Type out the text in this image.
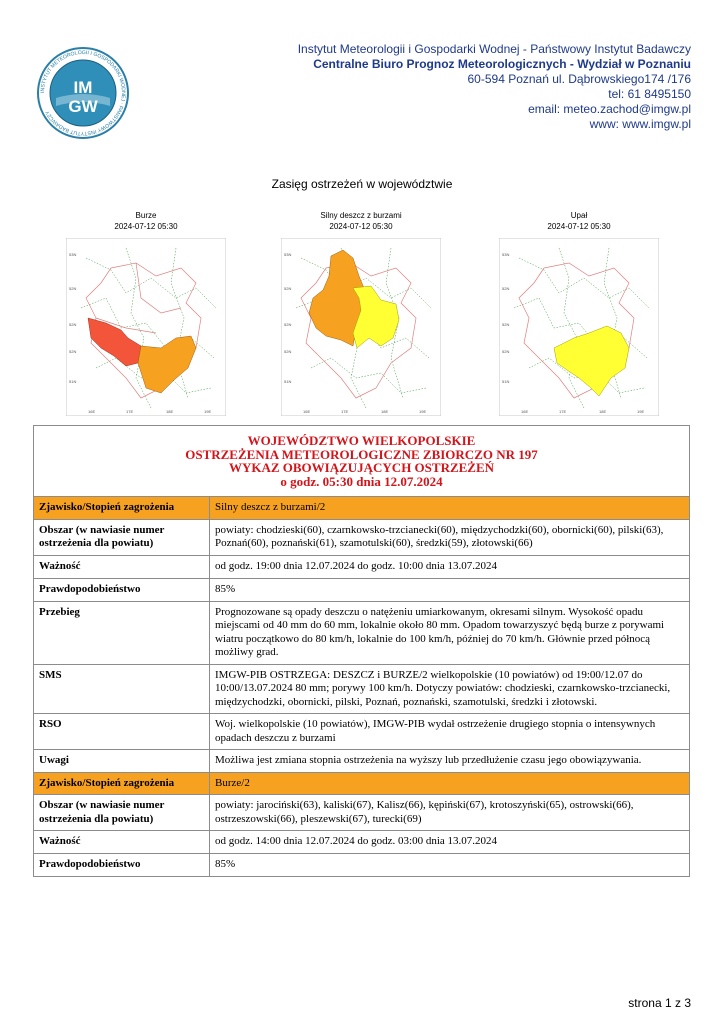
IM
GW
INSTYTUT METEOROLOGII I GOSPODARKI WODNEJ · PAŃSTWOWY INSTYTUT BADAWCZY
Instytut Meteorologii i Gospodarki Wodnej - Państwowy Instytut Badawczy
Centralne Biuro Prognoz Meteorologicznych - Wydział w Poznaniu
60-594 Poznań ul. Dąbrowskiego174 /176
tel: 61 8495150
email: meteo.zachod@imgw.pl
www: www.imgw.pl
Zasięg ostrzeżeń w województwie
Burze
2024-07-12 05:30
53N
52N
52N
52N
51N
16E	17E	18E	19E
Silny deszcz z burzami
2024-07-12 05:30
53N
52N
52N
52N
51N
16E	17E	18E	19E
Upał
2024-07-12 05:30
53N
52N
52N
52N
51N
16E	17E	18E	19E
WOJEWÓDZTWO WIELKOPOLSKIE
OSTRZEŻENIA METEOROLOGICZNE ZBIORCZO NR 197
WYKAZ OBOWIĄZUJĄCYCH OSTRZEŻEŃ
o godz. 05:30 dnia 12.07.2024	

Zjawisko/Stopień zagrożenia	Silny deszcz z burzami/2
Obszar (w nawiasie numer ostrzeżenia dla powiatu)	powiaty: chodzieski(60), czarnkowsko-trzcianecki(60), międzychodzki(60), obornicki(60), pilski(63), Poznań(60), poznański(61), szamotulski(60), średzki(59), złotowski(66)
Ważność	od godz. 19:00 dnia 12.07.2024 do godz. 10:00 dnia 13.07.2024
Prawdopodobieństwo	85%
Przebieg	Prognozowane są opady deszczu o natężeniu umiarkowanym, okresami silnym. Wysokość opadu miejscami od 40 mm do 60 mm, lokalnie około 80 mm. Opadom towarzyszyć będą burze z porywami wiatru początkowo do 80 km/h, lokalnie do 100 km/h, później do 70 km/h. Głównie przed północą możliwy grad.
SMS	IMGW-PIB OSTRZEGA: DESZCZ i BURZE/2 wielkopolskie (10 powiatów) od 19:00/12.07 do 10:00/13.07.2024 80 mm; porywy 100 km/h. Dotyczy powiatów: chodzieski, czarnkowsko-trzcianecki, międzychodzki, obornicki, pilski, Poznań, poznański, szamotulski, średzki i złotowski.
RSO	Woj. wielkopolskie (10 powiatów), IMGW-PIB wydał ostrzeżenie drugiego stopnia o intensywnych opadach deszczu z burzami
Uwagi	Możliwa jest zmiana stopnia ostrzeżenia na wyższy lub przedłużenie czasu jego obowiązywania.
Zjawisko/Stopień zagrożenia	Burze/2
Obszar (w nawiasie numer ostrzeżenia dla powiatu)	powiaty: jarociński(63), kaliski(67), Kalisz(66), kępiński(67), krotoszyński(65), ostrowski(66), ostrzeszowski(66), pleszewski(67), turecki(69)
Ważność	od godz. 14:00 dnia 12.07.2024 do godz. 03:00 dnia 13.07.2024
Prawdopodobieństwo	85%
strona 1 z 3
